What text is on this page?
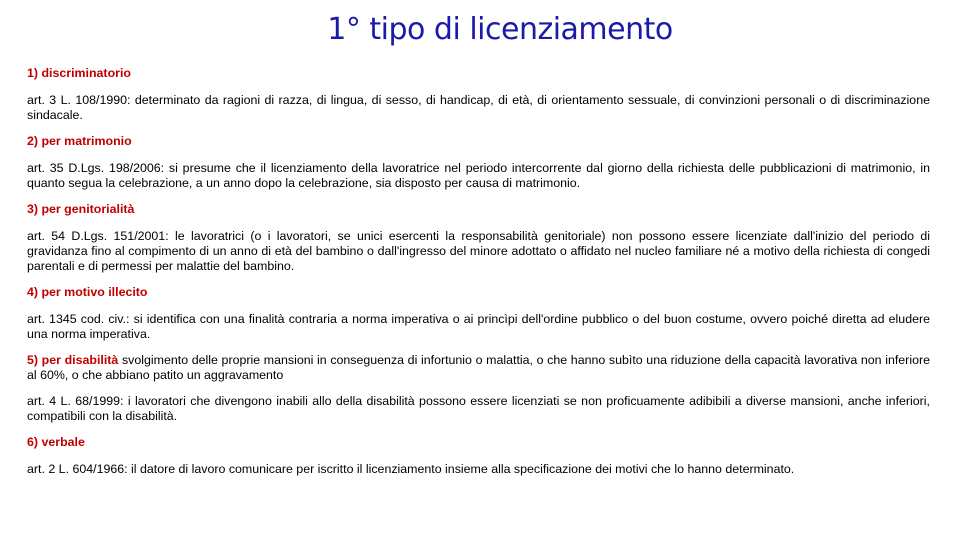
1° tipo di licenziamento
1) discriminatorio
art. 3 L. 108/1990: determinato da ragioni di razza, di lingua, di sesso, di handicap, di età, di orientamento sessuale, di convinzioni personali o di discriminazione sindacale.
2) per matrimonio
art. 35 D.Lgs. 198/2006: si presume che il licenziamento della lavoratrice nel periodo intercorrente dal giorno della richiesta delle pubblicazioni di matrimonio, in quanto segua la celebrazione, a un anno dopo la celebrazione, sia disposto per causa di matrimonio.
3) per genitorialità
art. 54 D.Lgs. 151/2001: le lavoratrici (o i lavoratori, se unici esercenti la responsabilità genitoriale) non possono essere licenziate dall'inizio del periodo di gravidanza fino al compimento di un anno di età del bambino o dall'ingresso del minore adottato o affidato nel nucleo familiare né a motivo della richiesta di congedi parentali e di permessi per malattie del bambino.
4) per motivo illecito
art. 1345 cod. civ.: si identifica con una finalità contraria a norma imperativa o ai princìpi dell'ordine pubblico o del buon costume, ovvero poiché diretta ad eludere una norma imperativa.
5) per disabilità svolgimento delle proprie mansioni in conseguenza di infortunio o malattia, o che hanno subìto una riduzione della capacità lavorativa non inferiore al 60%, o che abbiano patito un aggravamento
art. 4 L. 68/1999: i lavoratori che divengono inabili allo della disabilità possono essere licenziati se non proficuamente adibibili a diverse mansioni, anche inferiori, compatibili con la disabilità.
6) verbale
art. 2 L. 604/1966: il datore di lavoro comunicare per iscritto il licenziamento insieme alla specificazione dei motivi che lo hanno determinato.
